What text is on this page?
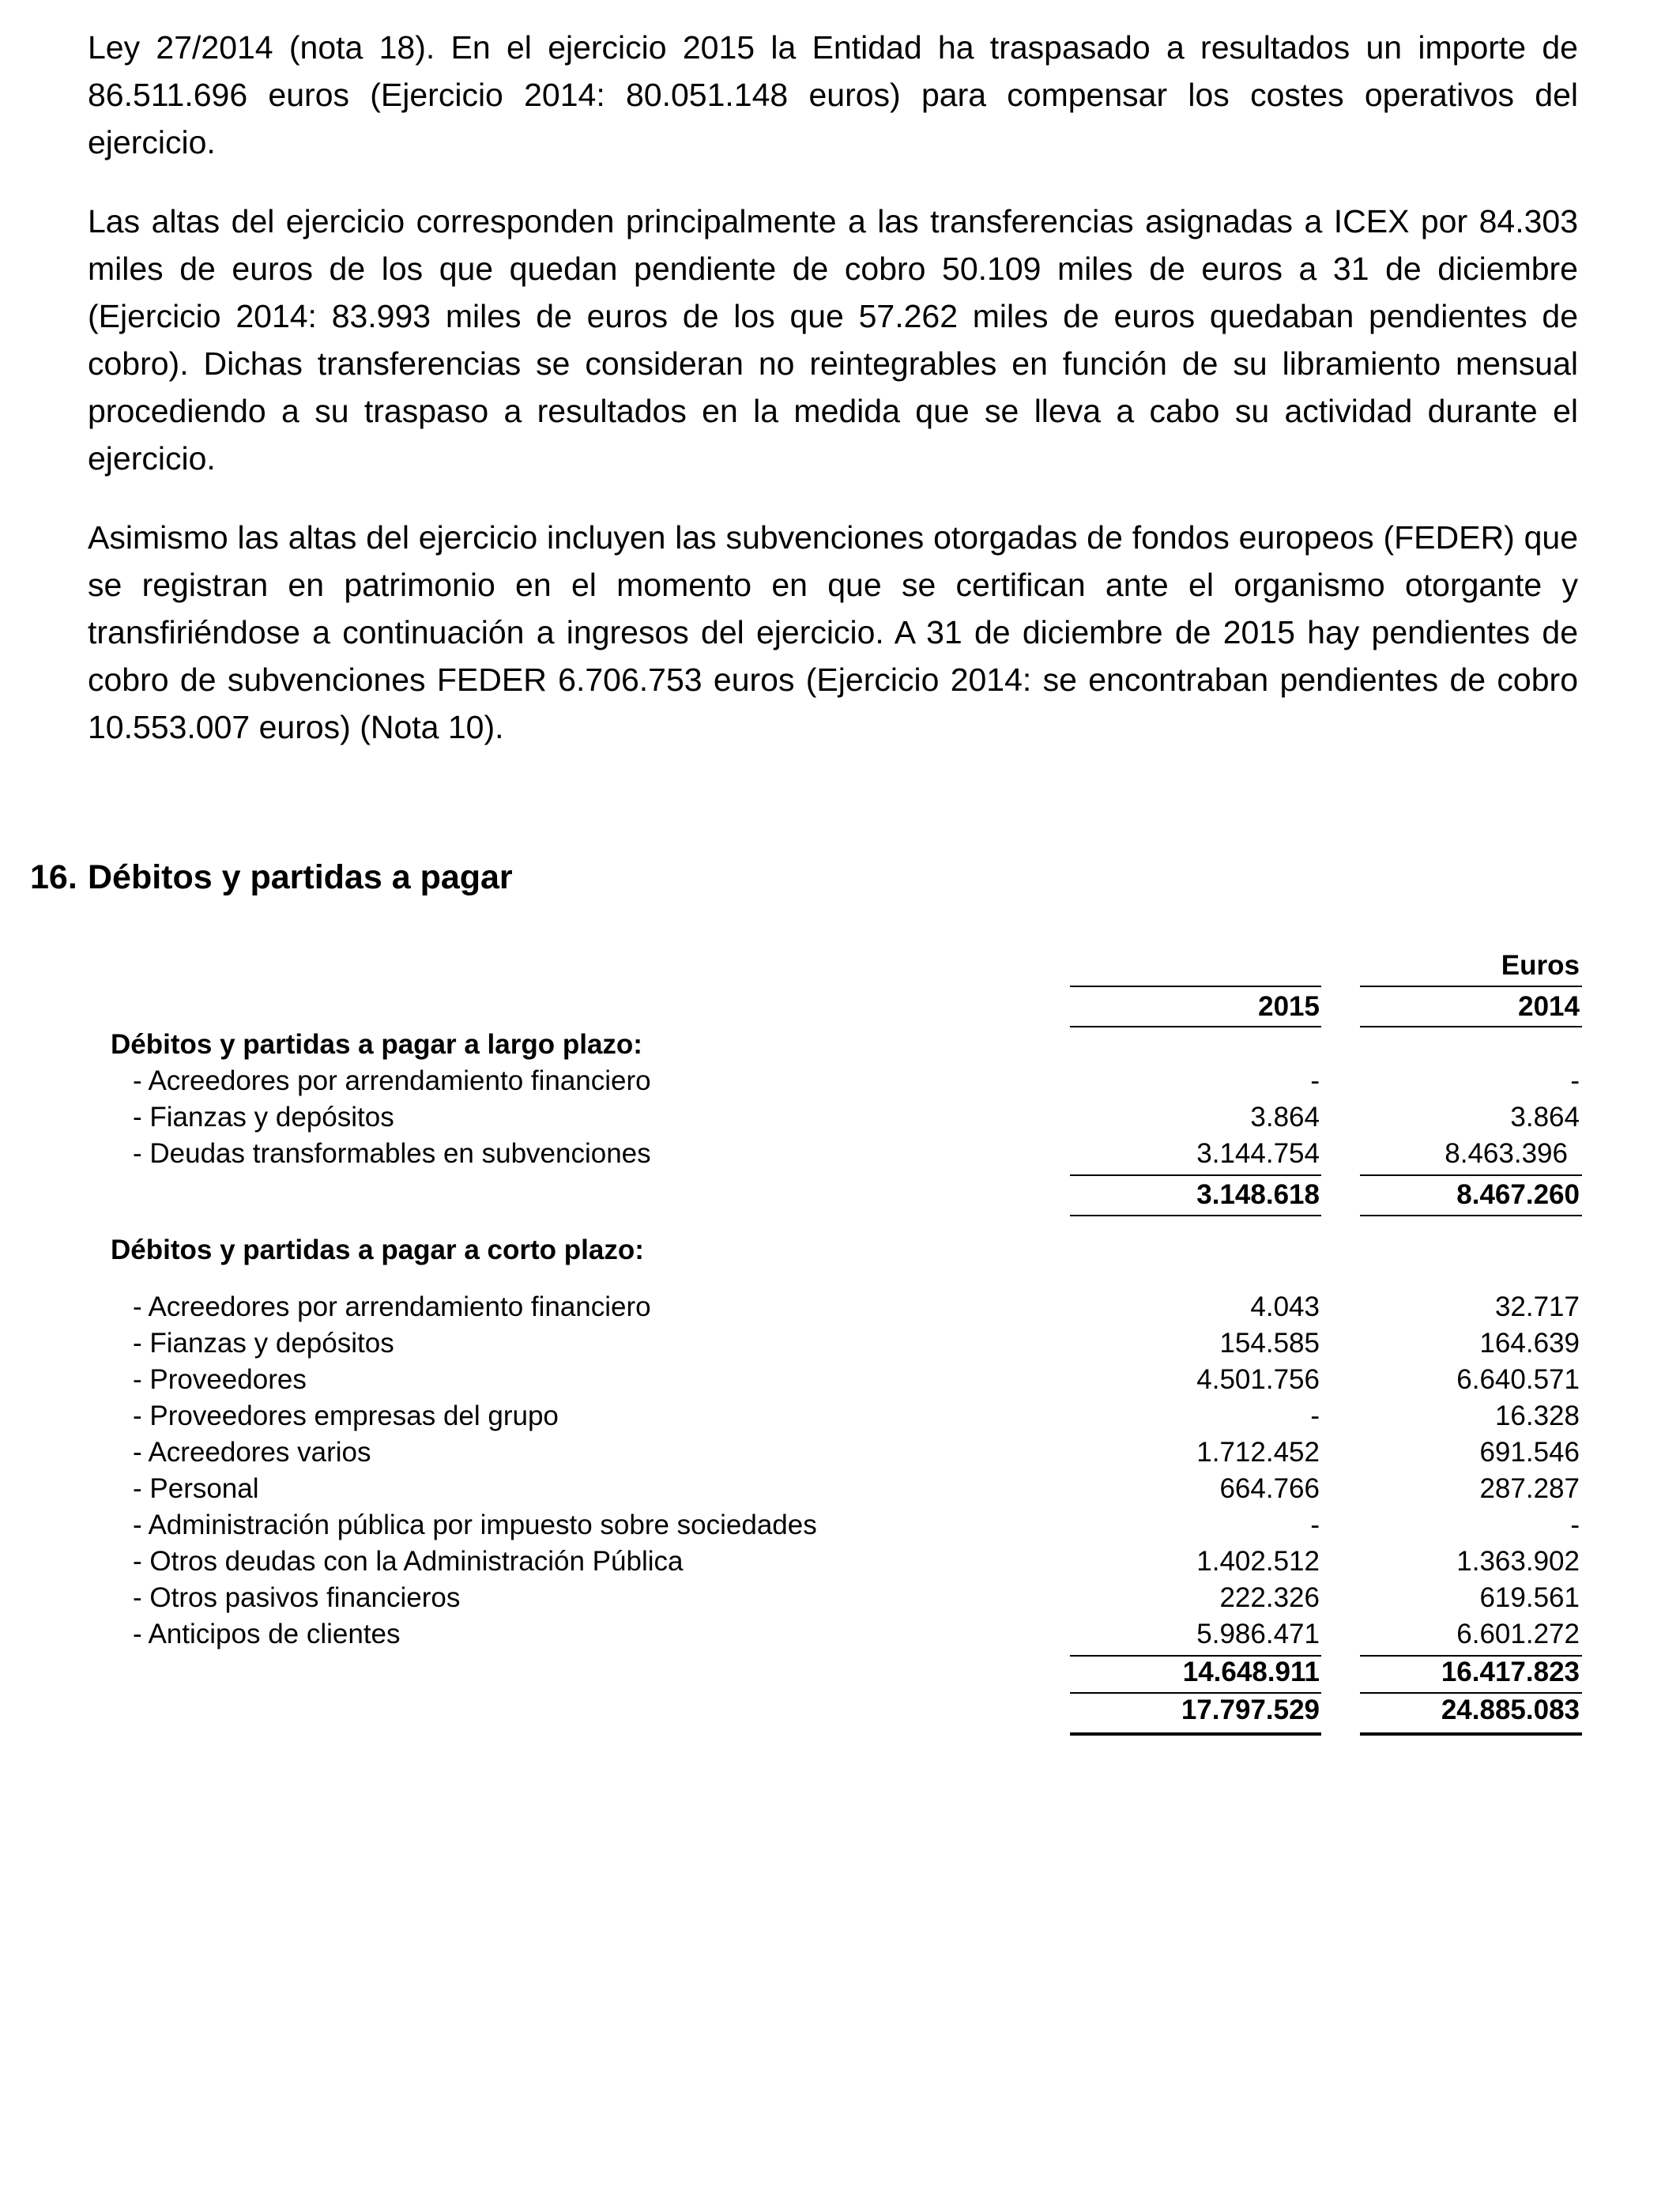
Ley 27/2014 (nota 18). En el ejercicio 2015 la Entidad ha traspasado a resultados un importe de 86.511.696 euros (Ejercicio 2014: 80.051.148 euros) para compensar los costes operativos del ejercicio.

Las altas del ejercicio corresponden principalmente a las transferencias asignadas a ICEX por 84.303 miles de euros de los que quedan pendiente de cobro 50.109 miles de euros a 31 de diciembre (Ejercicio 2014: 83.993 miles de euros de los que 57.262 miles de euros quedaban pendientes de cobro). Dichas transferencias se consideran no reintegrables en función de su libramiento mensual procediendo a su traspaso a resultados en la medida que se lleva a cabo su actividad durante el ejercicio.

Asimismo las altas del ejercicio incluyen las subvenciones otorgadas de fondos europeos (FEDER) que se registran en patrimonio en el momento en que se certifican ante el organismo otorgante y transfiriéndose a continuación a ingresos del ejercicio. A 31 de diciembre de 2015 hay pendientes de cobro de subvenciones FEDER 6.706.753 euros (Ejercicio 2014: se encontraban pendientes de cobro 10.553.007 euros) (Nota 10).

16. Débitos y partidas a pagar
Euros
2015	2014
Débitos y partidas a pagar a largo plazo:
- Acreedores por arrendamiento financiero	-	-
- Fianzas y depósitos	3.864	3.864
- Deudas transformables en subvenciones	3.144.754	8.463.396
3.148.618	8.467.260
Débitos y partidas a pagar a corto plazo:
- Acreedores por arrendamiento financiero	4.043	32.717
- Fianzas y depósitos	154.585	164.639
- Proveedores	4.501.756	6.640.571
- Proveedores empresas del grupo	-	16.328
- Acreedores varios	1.712.452	691.546
- Personal	664.766	287.287
- Administración pública por impuesto sobre sociedades	-	-
- Otros deudas con la Administración Pública	1.402.512	1.363.902
- Otros pasivos financieros	222.326	619.561
- Anticipos de clientes	5.986.471	6.601.272
14.648.911	16.417.823
17.797.529	24.885.083
